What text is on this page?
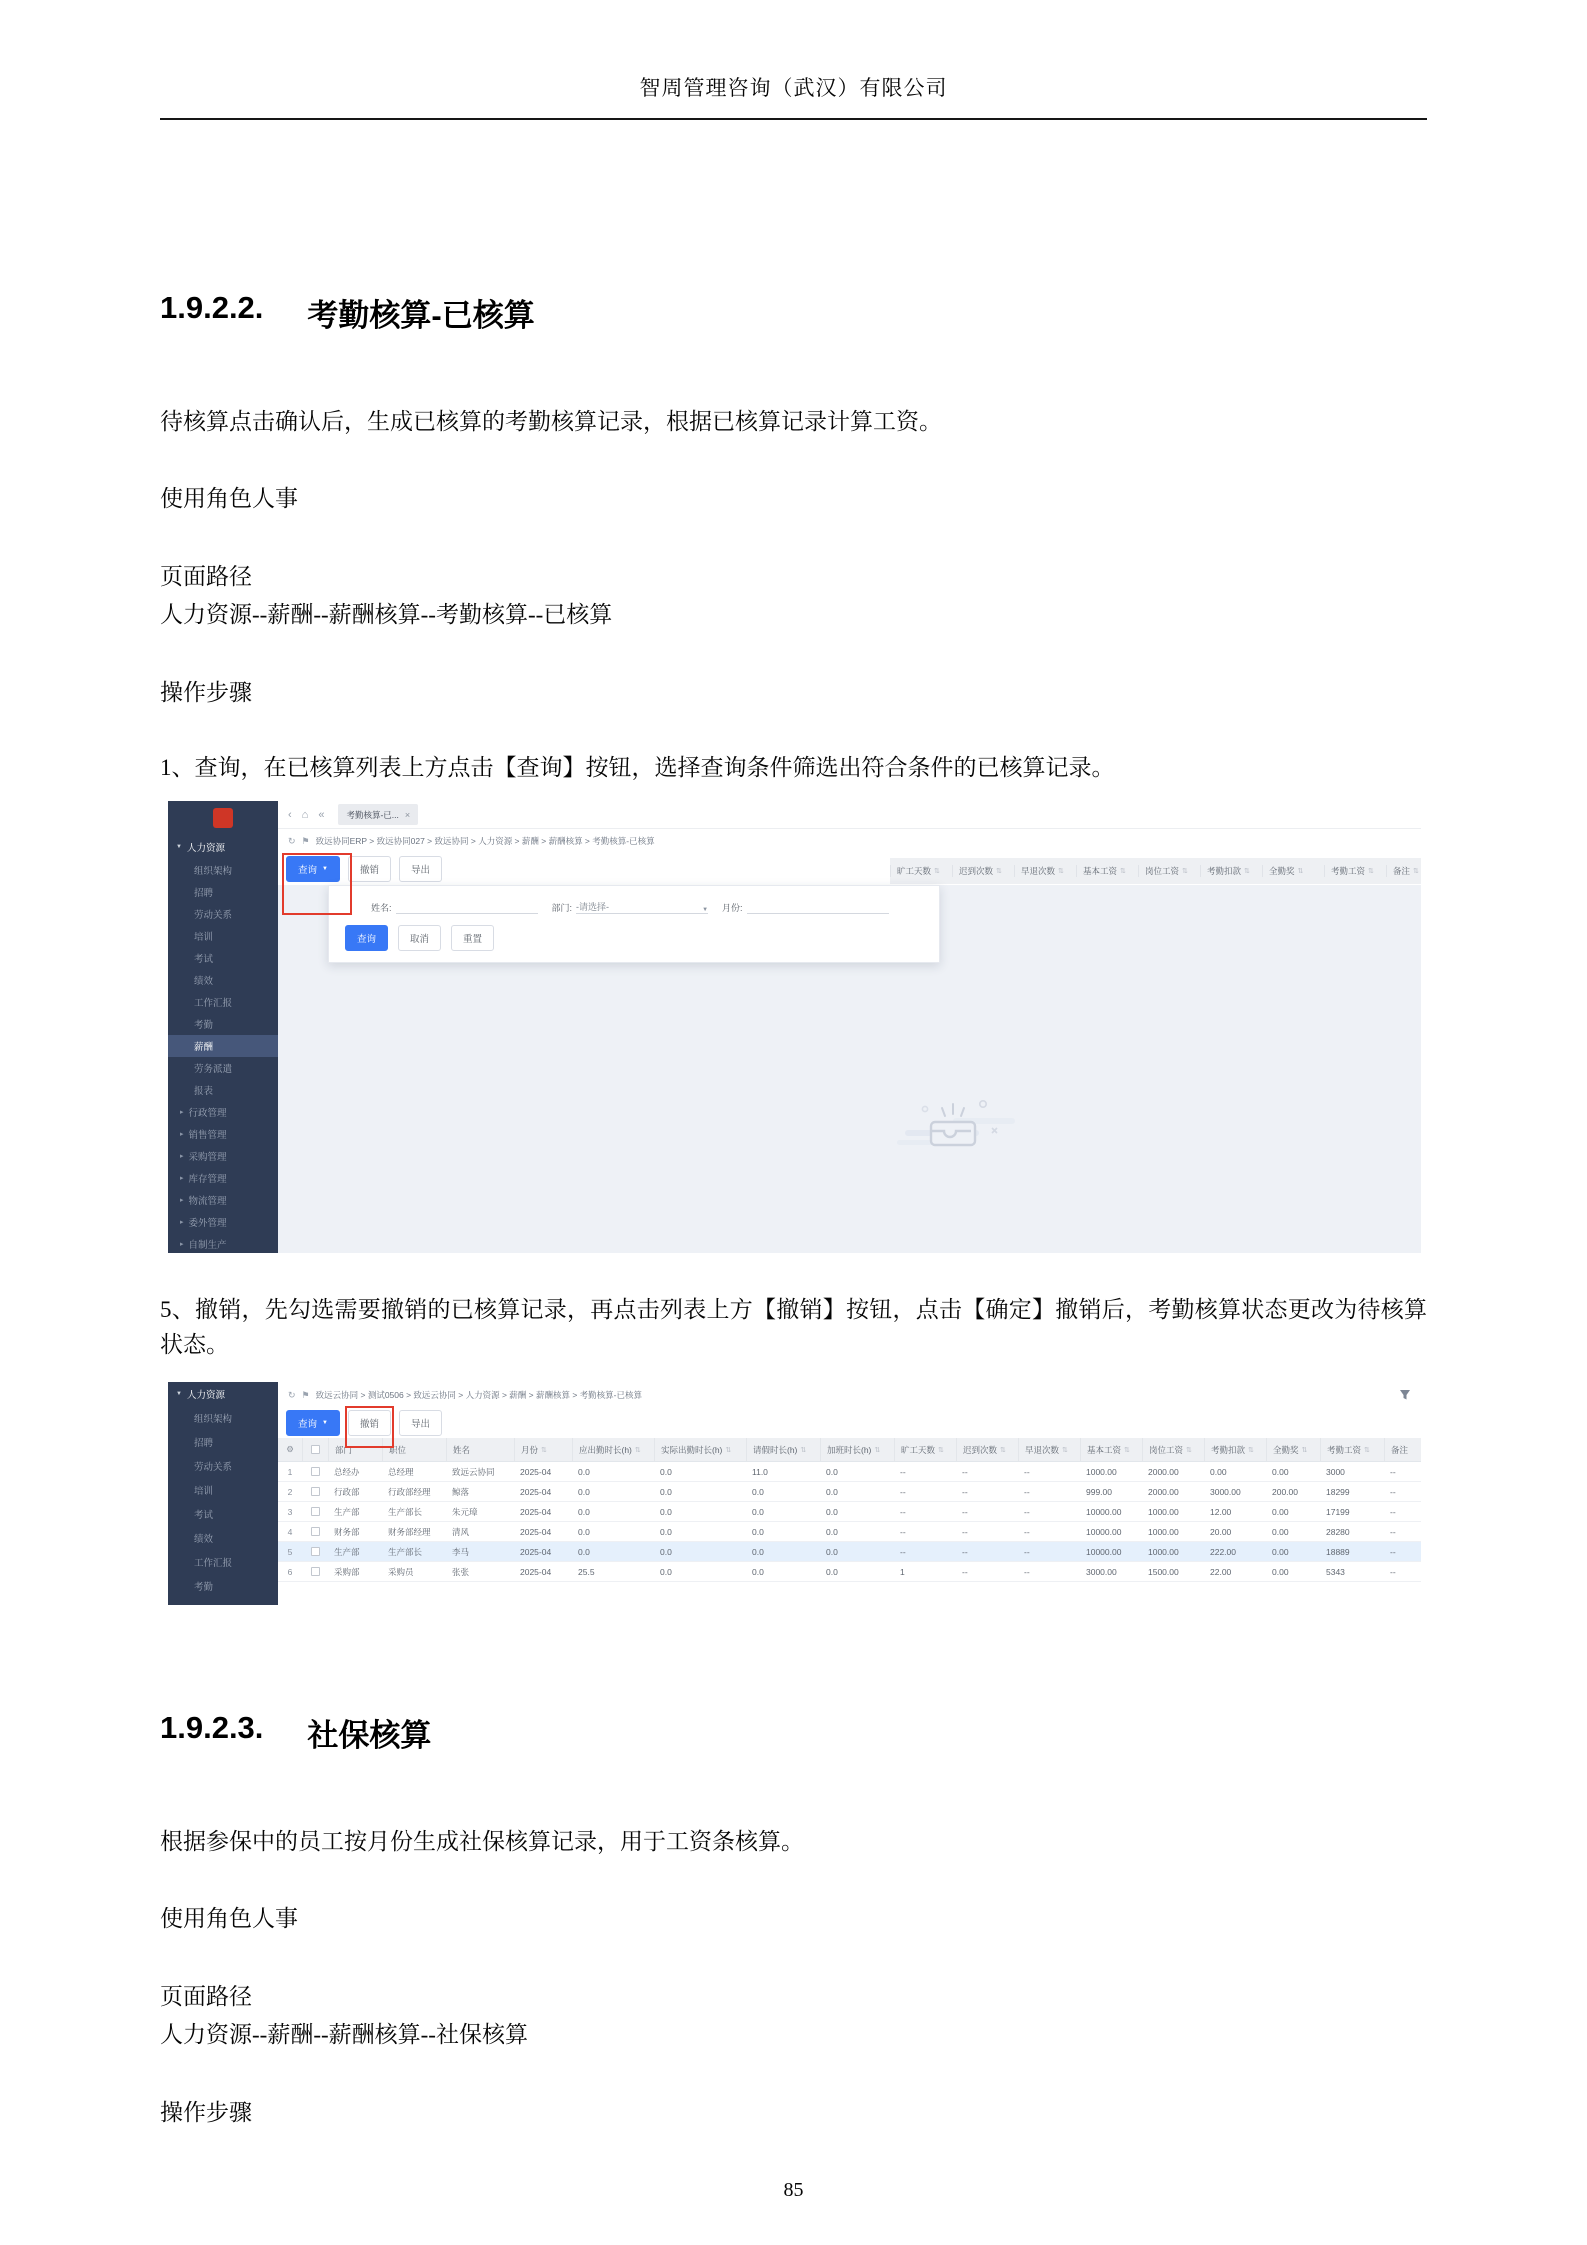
智周管理咨询（武汉）有限公司
1.9.2.2. 考勤核算-已核算

待核算点击确认后，生成已核算的考勤核算记录，根据已核算记录计算工资。

使用角色人事

页面路径
人力资源--薪酬--薪酬核算--考勤核算--已核算

操作步骤

1、查询，在已核算列表上方点击【查询】按钮，选择查询条件筛选出符合条件的已核算记录。

▼ 人力资源
组织架构
招聘
劳动关系
培训
考试
绩效
工作汇报
考勤
薪酬
劳务派遣
报表
▸ 行政管理
▸ 销售管理
▸ 采购管理
▸ 库存管理
▸ 物流管理
▸ 委外管理
▸ 自制生产
‹ ⌂ «	考勤核算-已... ×
↻ ⚑ 致远协同ERP > 致远协同027 > 致远协同 > 人力资源 > 薪酬 > 薪酬核算 > 考勤核算-已核算
查询 ▼	撤销	导出	旷工天数 ⇅ 迟到次数 ⇅ 早退次数 ⇅ 基本工资 ⇅ 岗位工资 ⇅ 考勤扣款 ⇅ 全勤奖 ⇅	考勤工资 ⇅ 备注 ⇅
姓名:	部门: -请选择-	▼ 月份:
查询	取消	重置

5、撤销，先勾选需要撤销的已核算记录，再点击列表上方【撤销】按钮，点击【确定】撤销后，考勤核算状态更改为待核算状态。

▼ 人力资源
组织架构
招聘
劳动关系
培训
考试
绩效
工作汇报
考勤
↻ ⚑ 致远云协同 > 测试0506 > 致远云协同 > 人力资源 > 薪酬 > 薪酬核算 > 考勤核算-已核算
查询 ▼	撤销	导出
⚙	部门	职位	姓名	月份 ⇅	应出勤时长(h) ⇅ 实际出勤时长(h) ⇅	请假时长(h) ⇅ 加班时长(h) ⇅ 旷工天数 ⇅ 迟到次数 ⇅ 早退次数 ⇅ 基本工资 ⇅ 岗位工资 ⇅ 考勤扣款 ⇅ 全勤奖 ⇅ 考勤工资 ⇅ 备注
1	总经办	总经理	致远云协同	2025-04	0.0	0.0	11.0	0.0	--	--	--	1000.00	2000.00	0.00	0.00	3000	--
2	行政部	行政部经理	鲸落	2025-04	0.0	0.0	0.0	0.0	--	--	--	999.00	2000.00	3000.00	200.00	18299	--
3	生产部	生产部长	朱元璋	2025-04	0.0	0.0	0.0	0.0	--	--	--	10000.00	1000.00	12.00	0.00	17199	--
4	财务部	财务部经理	清风	2025-04	0.0	0.0	0.0	0.0	--	--	--	10000.00	1000.00	20.00	0.00	28280	--
5	生产部	生产部长	李马	2025-04	0.0	0.0	0.0	0.0	--	--	--	10000.00	1000.00	222.00	0.00	18889	--
6	采购部	采购员	张张	2025-04	25.5	0.0	0.0	0.0	1	--	--	3000.00	1500.00	22.00	0.00	5343	--
1.9.2.3. 社保核算

根据参保中的员工按月份生成社保核算记录，用于工资条核算。

使用角色人事

页面路径
人力资源--薪酬--薪酬核算--社保核算

操作步骤

85
